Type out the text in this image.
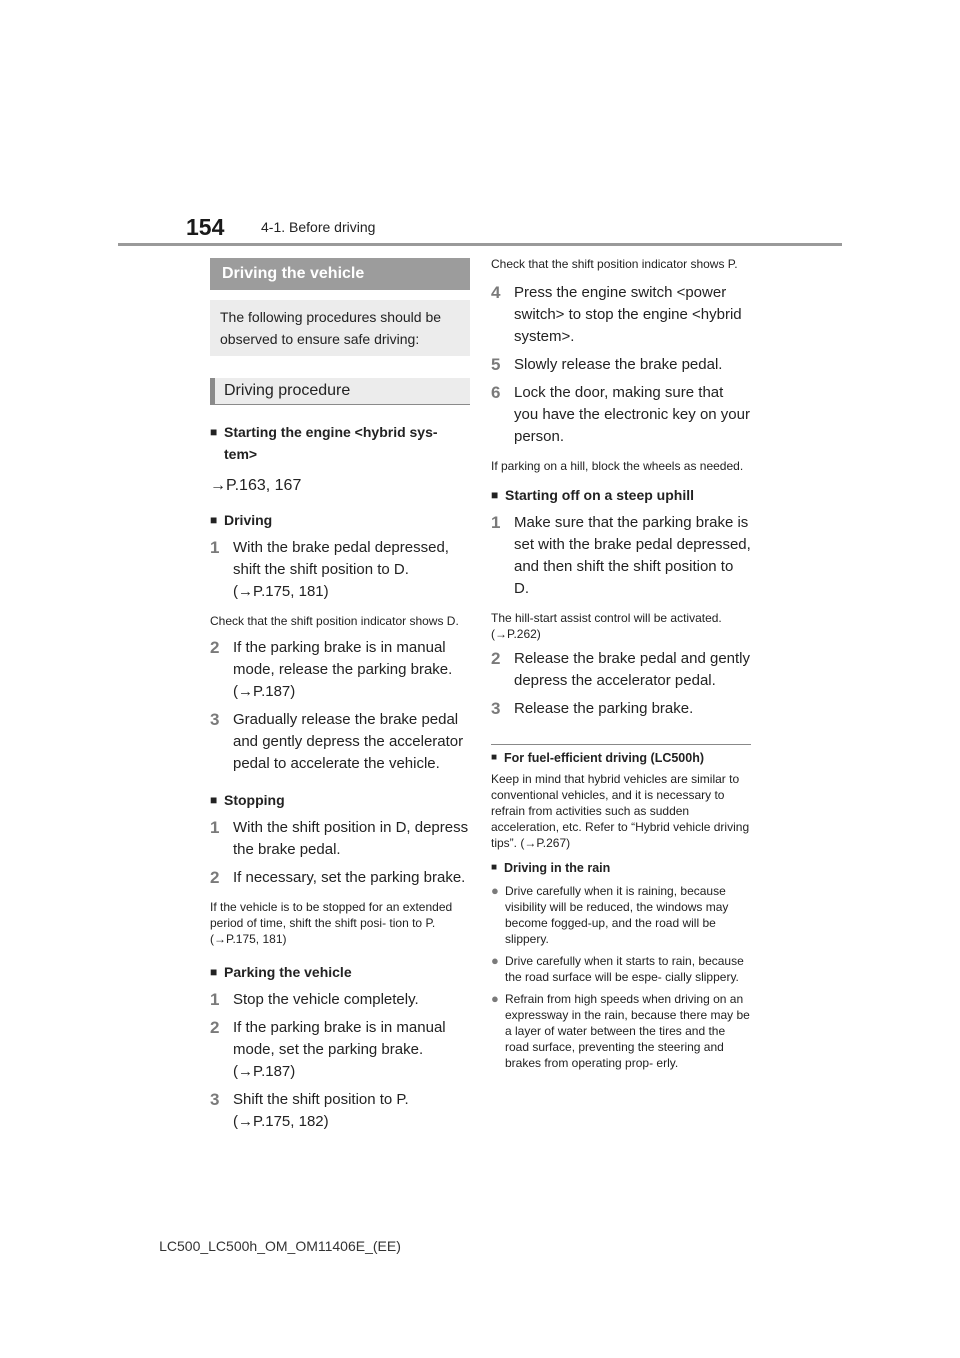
154	4-1. Before driving
Driving the vehicle
The following procedures should be observed to ensure safe driving:
Driving procedure
■
Starting the engine <hybrid sys- tem>
→P.163, 167
■
Driving
1 With the brake pedal depressed, shift the shift position to D. (→P.175, 181)
Check that the shift position indicator shows D.
2 If the parking brake is in manual mode, release the parking brake. (→P.187)
3 Gradually release the brake pedal and gently depress the accelerator pedal to accelerate the vehicle.
■
Stopping
1 With the shift position in D, depress the brake pedal.
2 If necessary, set the parking brake.
If the vehicle is to be stopped for an extended period of time, shift the shift posi- tion to P. (→P.175, 181)
■
Parking the vehicle
1 Stop the vehicle completely.
2 If the parking brake is in manual mode, set the parking brake. (→P.187)
3 Shift the shift position to P. (→P.175, 182)
Check that the shift position indicator shows P.
4 Press the engine switch <power switch> to stop the engine <hybrid system>.
5 Slowly release the brake pedal.
6 Lock the door, making sure that you have the electronic key on your person.
If parking on a hill, block the wheels as needed.
■
Starting off on a steep uphill
1 Make sure that the parking brake is set with the brake pedal depressed, and then shift the shift position to D.
The hill-start assist control will be activated. (→P.262)
2 Release the brake pedal and gently depress the accelerator pedal.
3 Release the parking brake.
■
For fuel-efficient driving (LC500h)
Keep in mind that hybrid vehicles are similar to conventional vehicles, and it is necessary to refrain from activities such as sudden acceleration, etc. Refer to “Hybrid vehicle driving tips”. (→P.267)
■
Driving in the rain
● Drive carefully when it is raining, because visibility will be reduced, the windows may become fogged-up, and the road will be slippery.
● Drive carefully when it starts to rain, because the road surface will be espe- cially slippery.
● Refrain from high speeds when driving on an expressway in the rain, because there may be a layer of water between the tires and the road surface, preventing the steering and brakes from operating prop- erly.
LC500_LC500h_OM_OM11406E_(EE)
